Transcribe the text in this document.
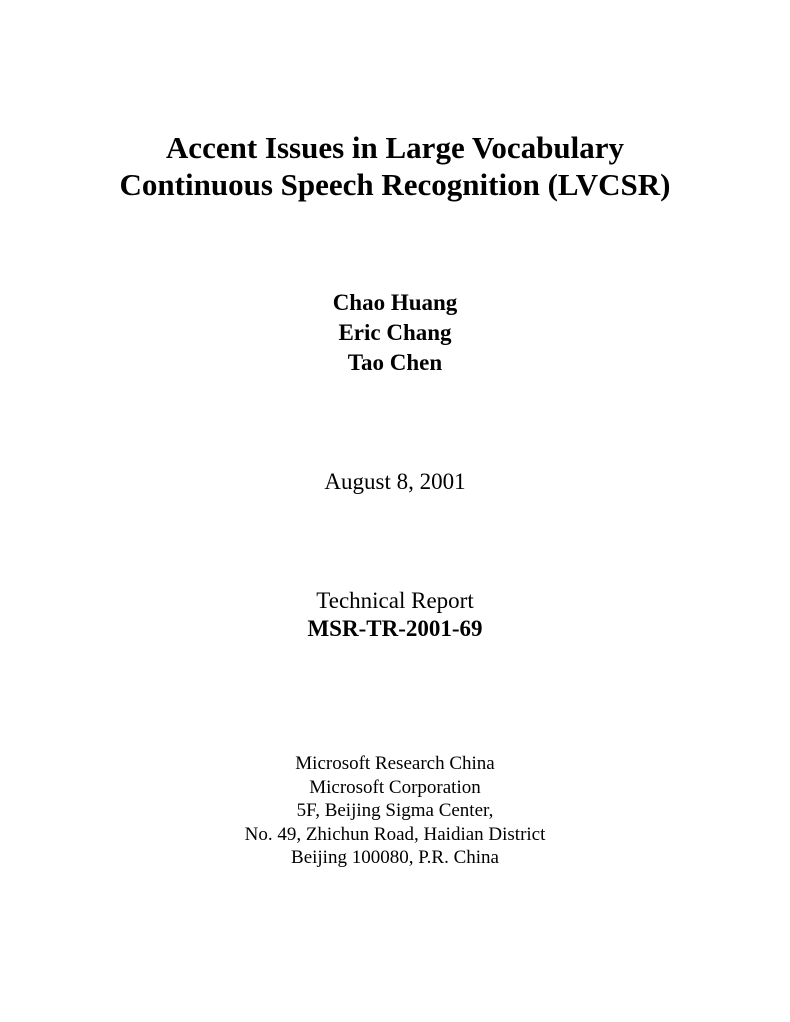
Accent Issues in Large Vocabulary
Continuous Speech Recognition (LVCSR)
Chao Huang
Eric Chang
Tao Chen
August 8, 2001
Technical Report
MSR-TR-2001-69
Microsoft Research China
Microsoft Corporation
5F, Beijing Sigma Center,
No. 49, Zhichun Road, Haidian District
Beijing 100080, P.R. China
